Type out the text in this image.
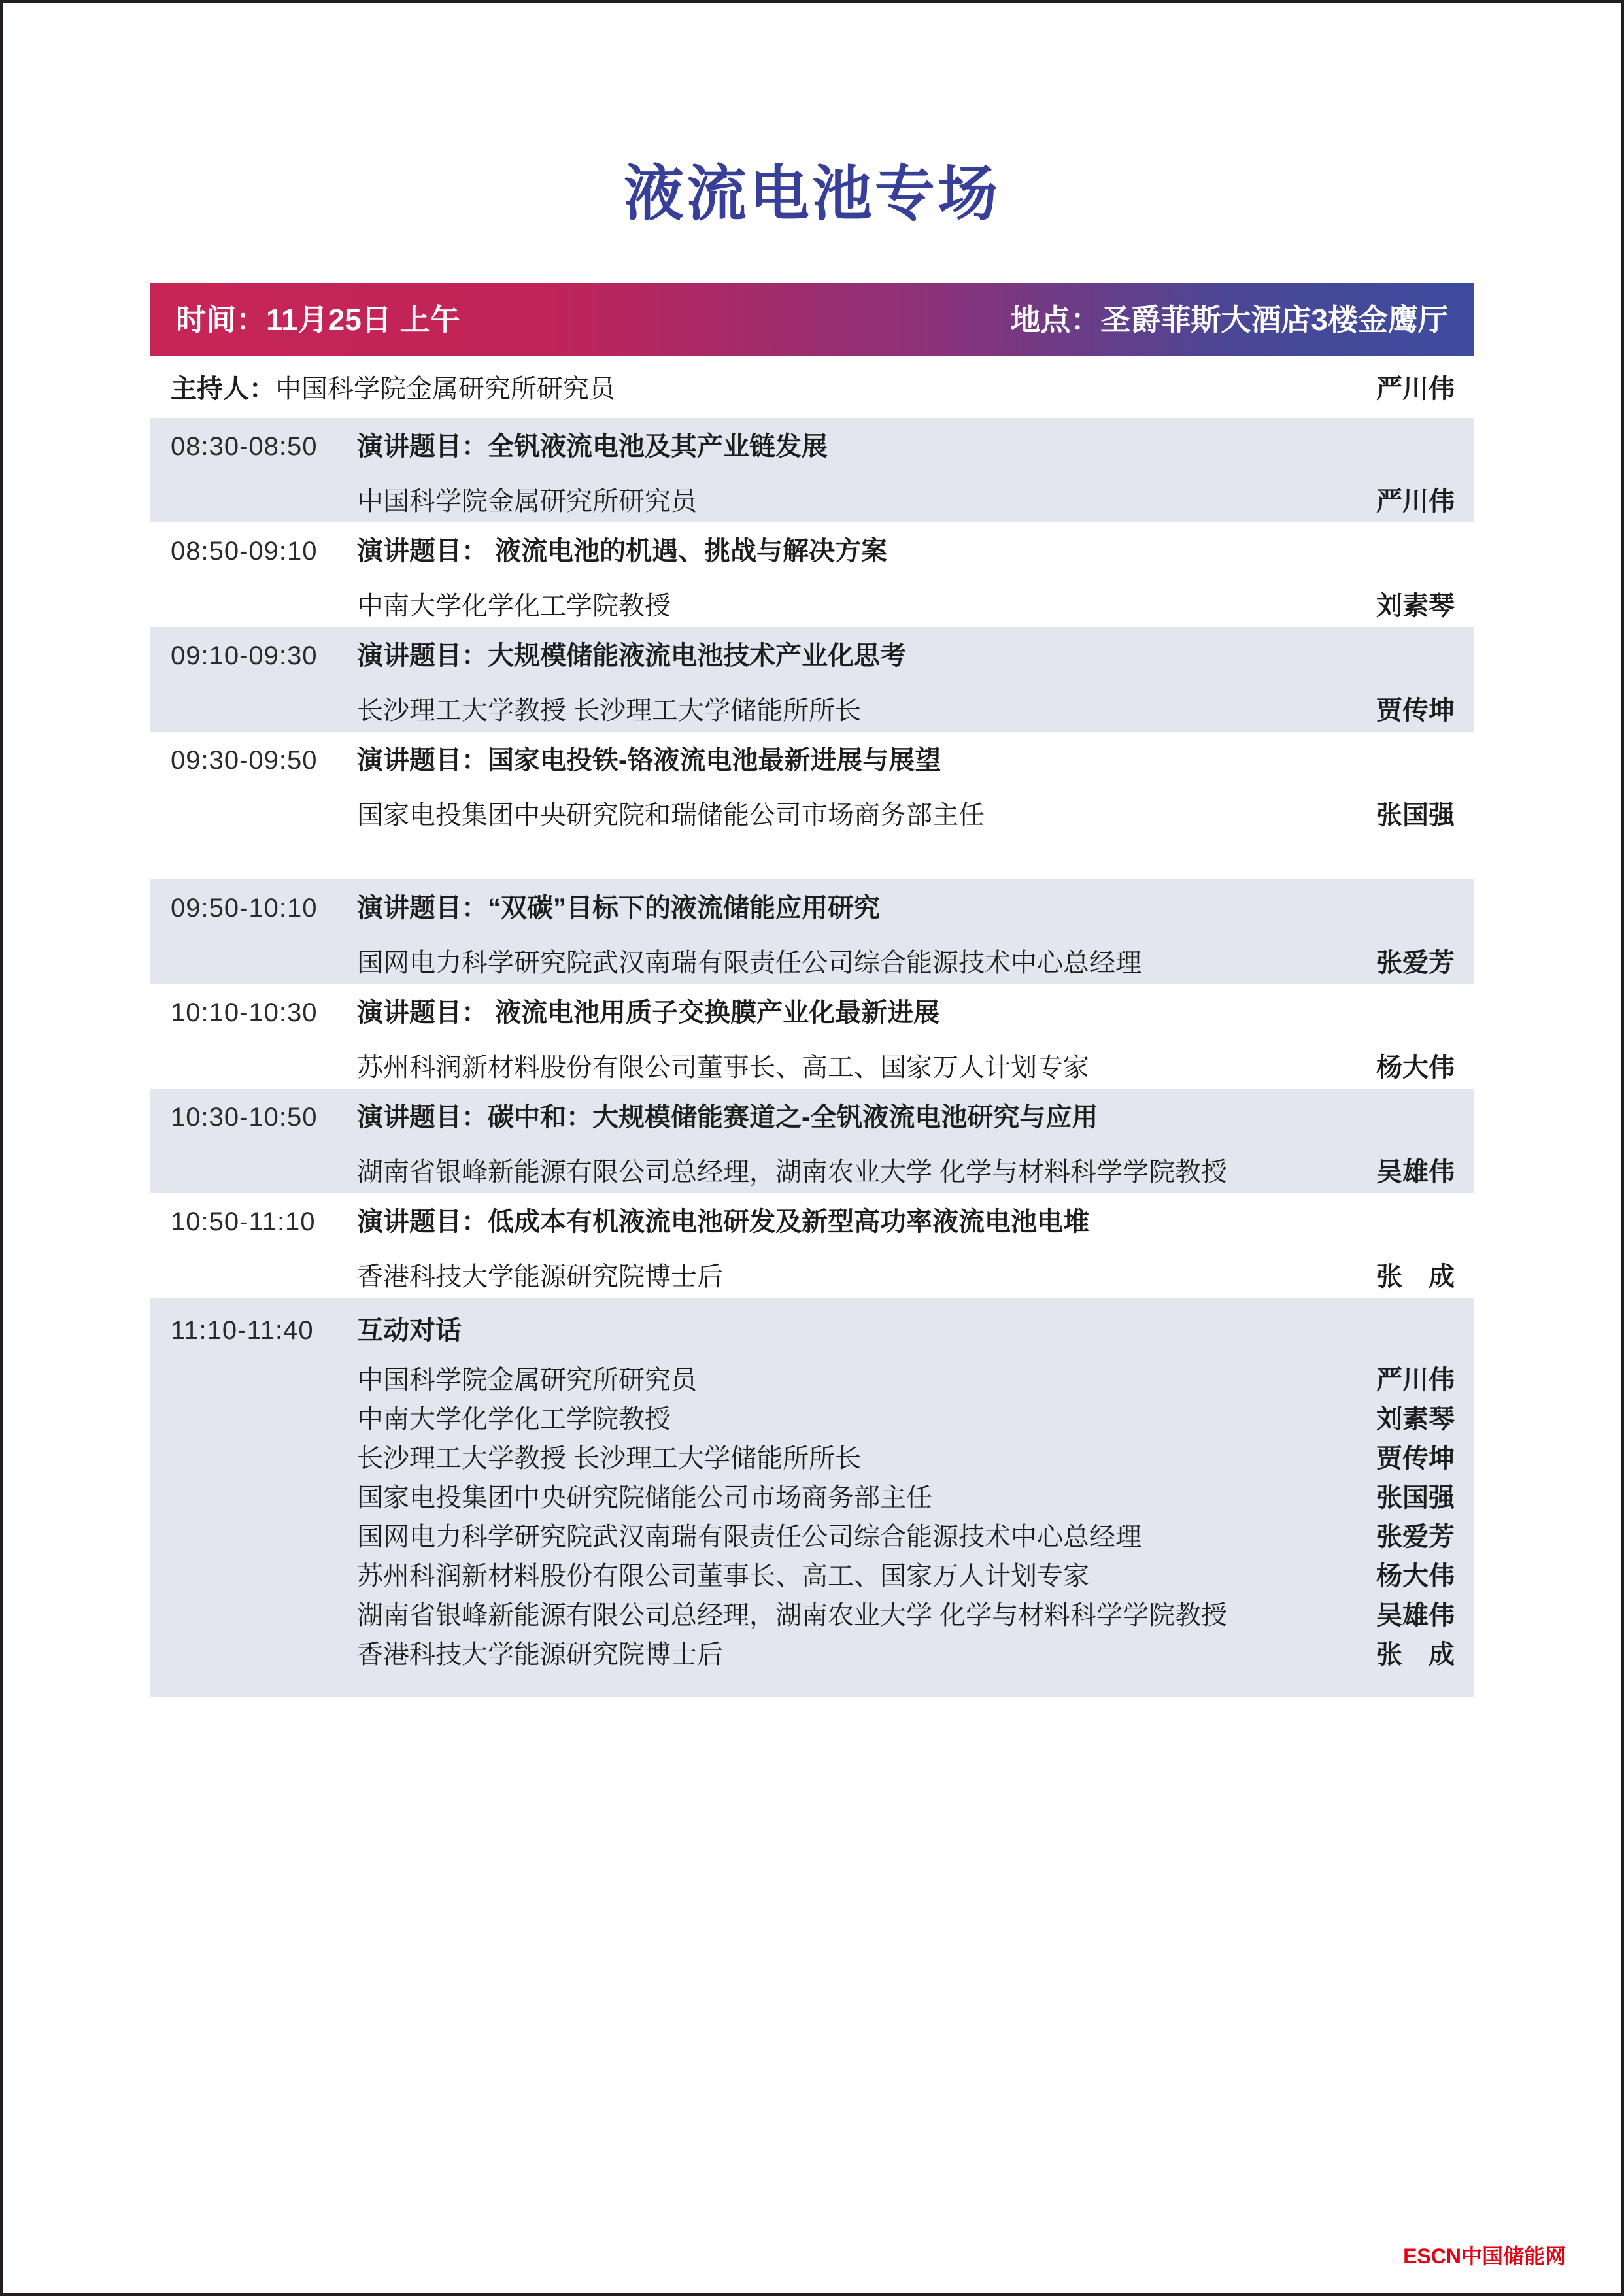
液流电池专场
时间：11月25日 上午	地点：圣爵菲斯大酒店3楼金鹰厅
主持人：中国科学院金属研究所研究员	严川伟
08:30-08:50	演讲题目：全钒液流电池及其产业链发展
中国科学院金属研究所研究员	严川伟
08:50-09:10	演讲题目： 液流电池的机遇、挑战与解决方案
中南大学化学化工学院教授	刘素琴
09:10-09:30	演讲题目：大规模储能液流电池技术产业化思考
长沙理工大学教授 长沙理工大学储能所所长	贾传坤
09:30-09:50	演讲题目：国家电投铁-铬液流电池最新进展与展望
国家电投集团中央研究院和瑞储能公司市场商务部主任	张国强
09:50-10:10	演讲题目：“双碳”目标下的液流储能应用研究
国网电力科学研究院武汉南瑞有限责任公司综合能源技术中心总经理	张爱芳
10:10-10:30	演讲题目： 液流电池用质子交换膜产业化最新进展
苏州科润新材料股份有限公司董事长、高工、国家万人计划专家	杨大伟
10:30-10:50	演讲题目：碳中和：大规模储能赛道之-全钒液流电池研究与应用
湖南省银峰新能源有限公司总经理，湖南农业大学 化学与材料科学学院教授	吴雄伟
10:50-11:10	演讲题目：低成本有机液流电池研发及新型高功率液流电池电堆
香港科技大学能源研究院博士后	张　成
11:10-11:40	互动对话
中国科学院金属研究所研究员	严川伟
中南大学化学化工学院教授	刘素琴
长沙理工大学教授 长沙理工大学储能所所长	贾传坤
国家电投集团中央研究院储能公司市场商务部主任	张国强
国网电力科学研究院武汉南瑞有限责任公司综合能源技术中心总经理	张爱芳
苏州科润新材料股份有限公司董事长、高工、国家万人计划专家	杨大伟
湖南省银峰新能源有限公司总经理，湖南农业大学 化学与材料科学学院教授	吴雄伟
香港科技大学能源研究院博士后	张　成
ESCN中国储能网
